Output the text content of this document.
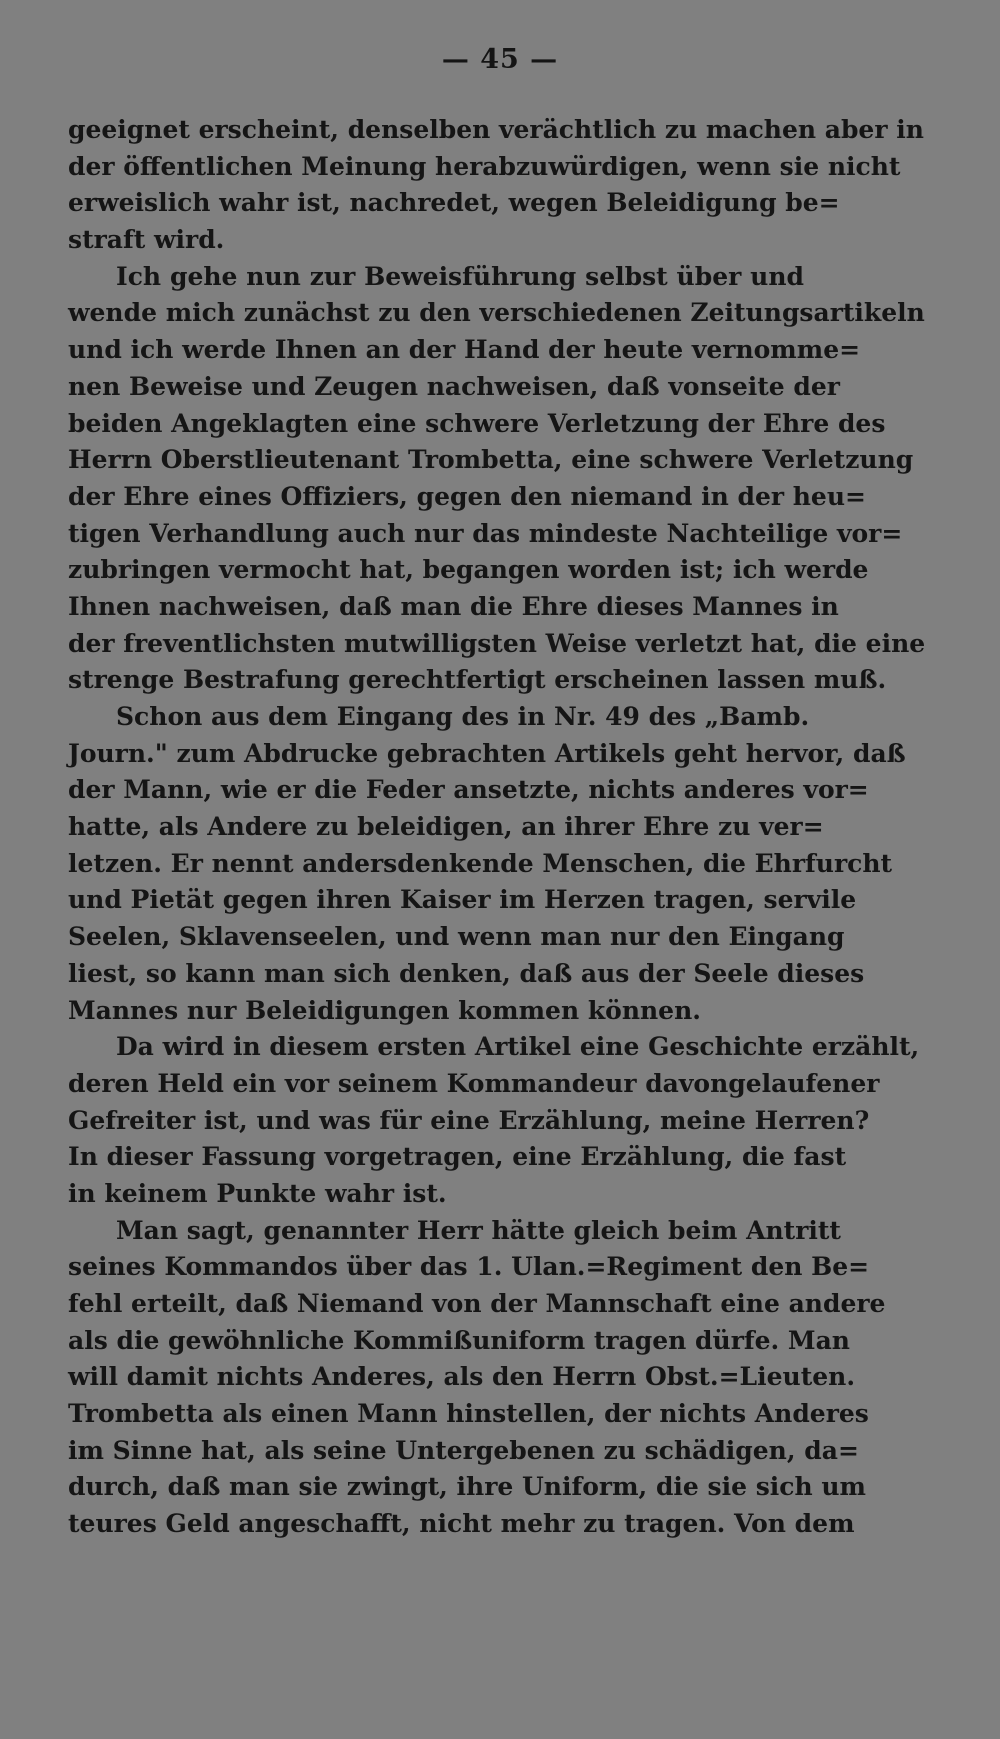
— 45 —
geeignet erscheint, denselben verächtlich zu machen aber in
der öffentlichen Meinung herabzuwürdigen, wenn sie nicht
erweislich wahr ist, nachredet, wegen Beleidigung be=
straft wird.
Ich gehe nun zur Beweisführung selbst über und
wende mich zunächst zu den verschiedenen Zeitungsartikeln
und ich werde Ihnen an der Hand der heute vernomme=
nen Beweise und Zeugen nachweisen, daß vonseite der
beiden Angeklagten eine schwere Verletzung der Ehre des
Herrn Oberstlieutenant Trombetta, eine schwere Verletzung
der Ehre eines Offiziers, gegen den niemand in der heu=
tigen Verhandlung auch nur das mindeste Nachteilige vor=
zubringen vermocht hat, begangen worden ist; ich werde
Ihnen nachweisen, daß man die Ehre dieses Mannes in
der freventlichsten mutwilligsten Weise verletzt hat, die eine
strenge Bestrafung gerechtfertigt erscheinen lassen muß.
Schon aus dem Eingang des in Nr. 49 des „Bamb.
Journ." zum Abdrucke gebrachten Artikels geht hervor, daß
der Mann, wie er die Feder ansetzte, nichts anderes vor=
hatte, als Andere zu beleidigen, an ihrer Ehre zu ver=
letzen. Er nennt andersdenkende Menschen, die Ehrfurcht
und Pietät gegen ihren Kaiser im Herzen tragen, servile
Seelen, Sklavenseelen, und wenn man nur den Eingang
liest, so kann man sich denken, daß aus der Seele dieses
Mannes nur Beleidigungen kommen können.
Da wird in diesem ersten Artikel eine Geschichte erzählt,
deren Held ein vor seinem Kommandeur davongelaufener
Gefreiter ist, und was für eine Erzählung, meine Herren?
In dieser Fassung vorgetragen, eine Erzählung, die fast
in keinem Punkte wahr ist.
Man sagt, genannter Herr hätte gleich beim Antritt
seines Kommandos über das 1. Ulan.=Regiment den Be=
fehl erteilt, daß Niemand von der Mannschaft eine andere
als die gewöhnliche Kommißuniform tragen dürfe. Man
will damit nichts Anderes, als den Herrn Obst.=Lieuten.
Trombetta als einen Mann hinstellen, der nichts Anderes
im Sinne hat, als seine Untergebenen zu schädigen, da=
durch, daß man sie zwingt, ihre Uniform, die sie sich um
teures Geld angeschafft, nicht mehr zu tragen. Von dem
